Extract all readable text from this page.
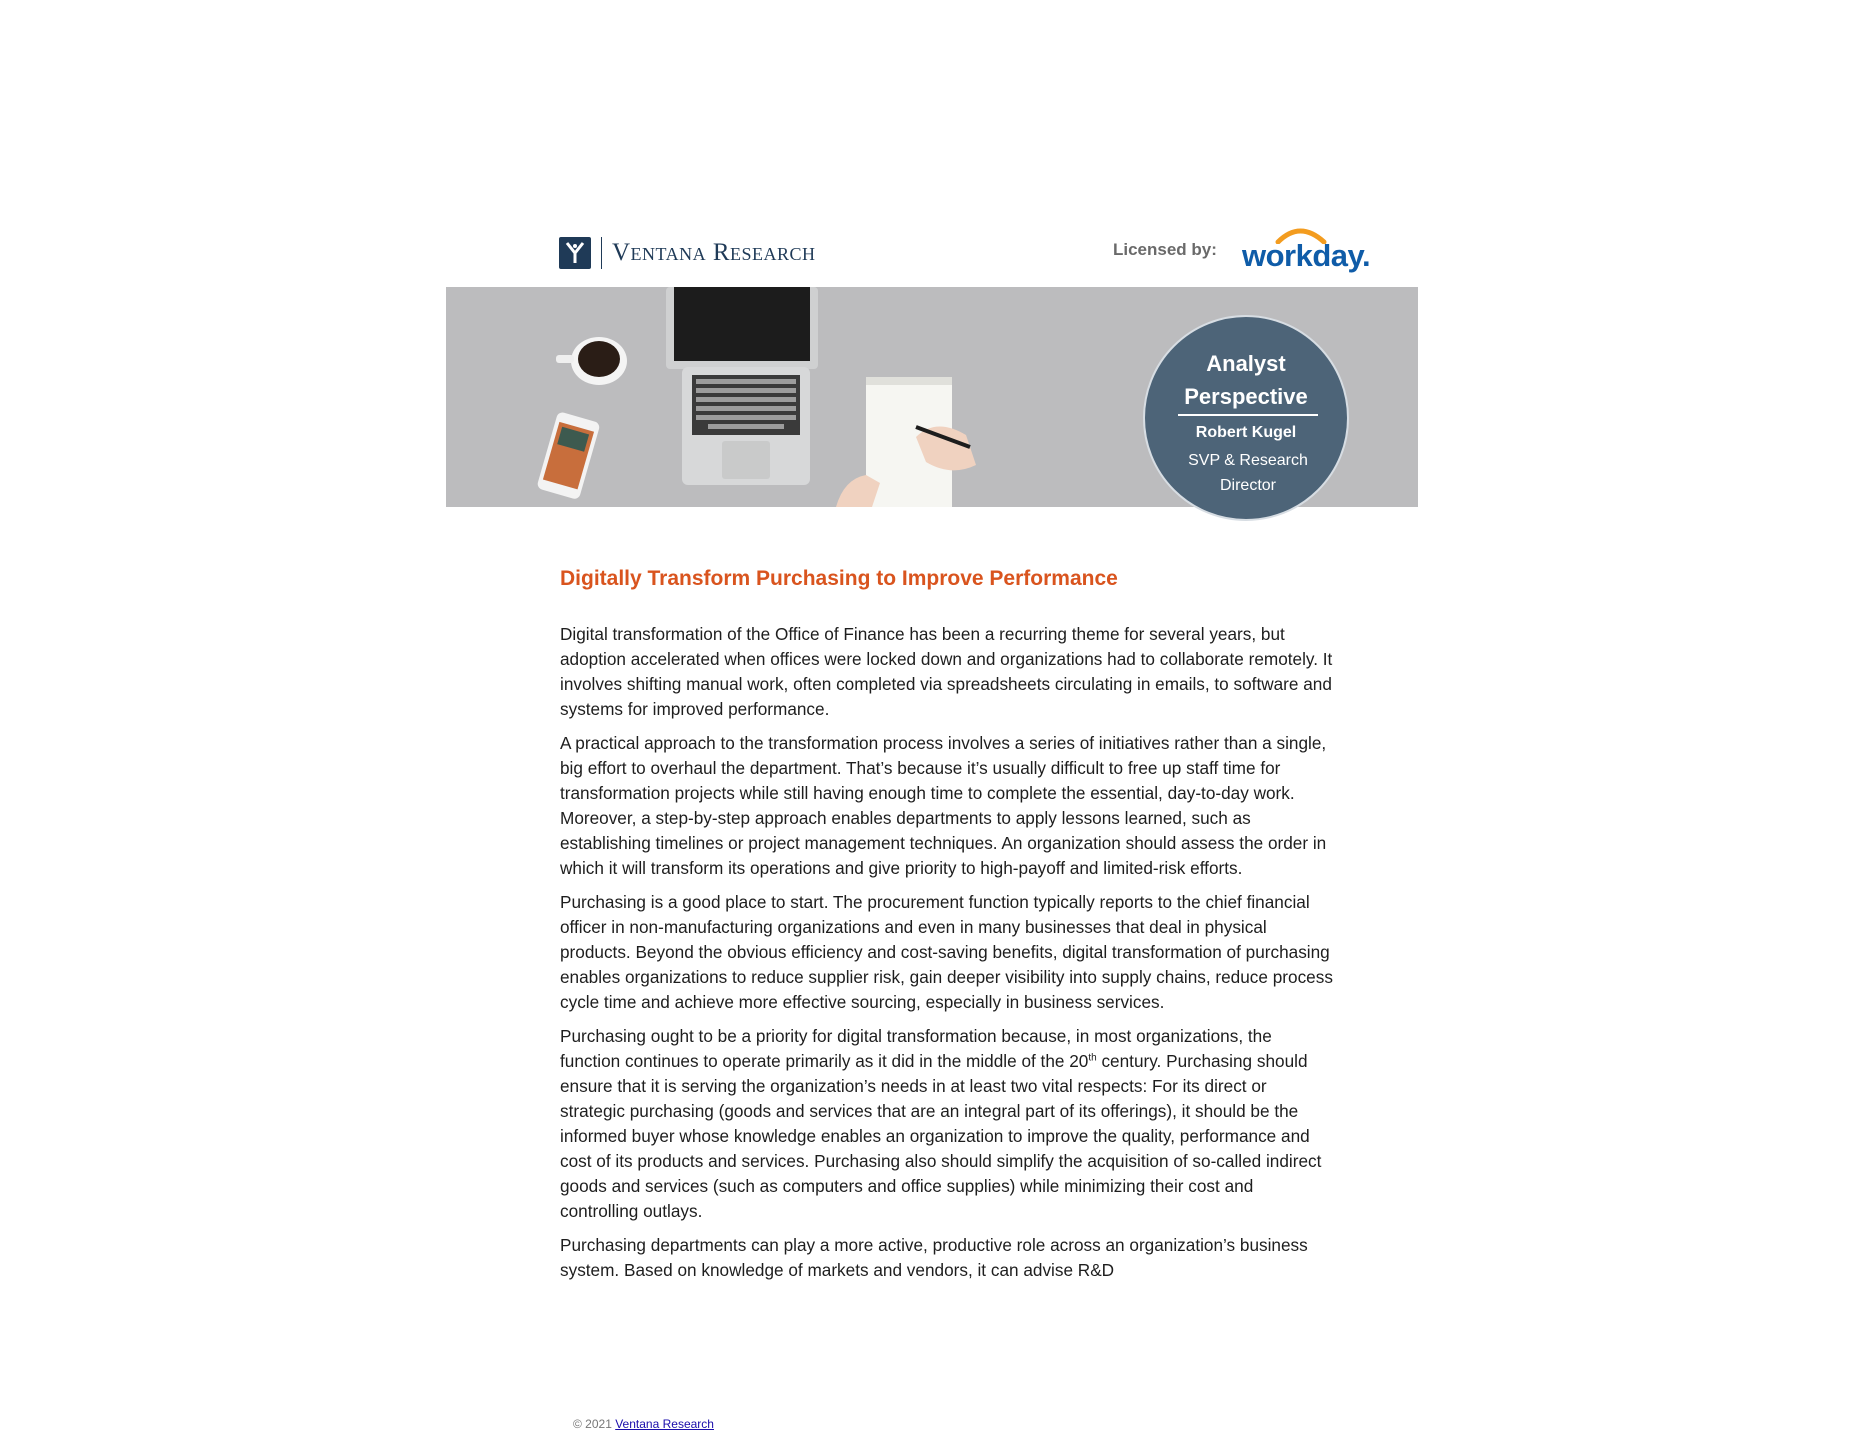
Ventana Research	Licensed by: workday.
Analyst
Perspective
Robert Kugel
SVP & Research
Director
Digitally Transform Purchasing to Improve Performance

Digital transformation of the Office of Finance has been a recurring theme for several years, but adoption accelerated when offices were locked down and organizations had to collaborate remotely. It involves shifting manual work, often completed via spreadsheets circulating in emails, to software and systems for improved performance.

A practical approach to the transformation process involves a series of initiatives rather than a single, big effort to overhaul the department. That’s because it’s usually difficult to free up staff time for transformation projects while still having enough time to complete the essential, day-to-day work. Moreover, a step-by-step approach enables departments to apply lessons learned, such as establishing timelines or project management techniques. An organization should assess the order in which it will transform its operations and give priority to high-payoff and limited-risk efforts.

Purchasing is a good place to start. The procurement function typically reports to the chief financial officer in non-manufacturing organizations and even in many businesses that deal in physical products. Beyond the obvious efficiency and cost-saving benefits, digital transformation of purchasing enables organizations to reduce supplier risk, gain deeper visibility into supply chains, reduce process cycle time and achieve more effective sourcing, especially in business services.

Purchasing ought to be a priority for digital transformation because, in most organizations, the function continues to operate primarily as it did in the middle of the 20th century. Purchasing should ensure that it is serving the organization’s needs in at least two vital respects: For its direct or strategic purchasing (goods and services that are an integral part of its offerings), it should be the informed buyer whose knowledge enables an organization to improve the quality, performance and cost of its products and services. Purchasing also should simplify the acquisition of so-called indirect goods and services (such as computers and office supplies) while minimizing their cost and controlling outlays.

Purchasing departments can play a more active, productive role across an organization’s business system. Based on knowledge of markets and vendors, it can advise R&D

© 2021 Ventana Research
